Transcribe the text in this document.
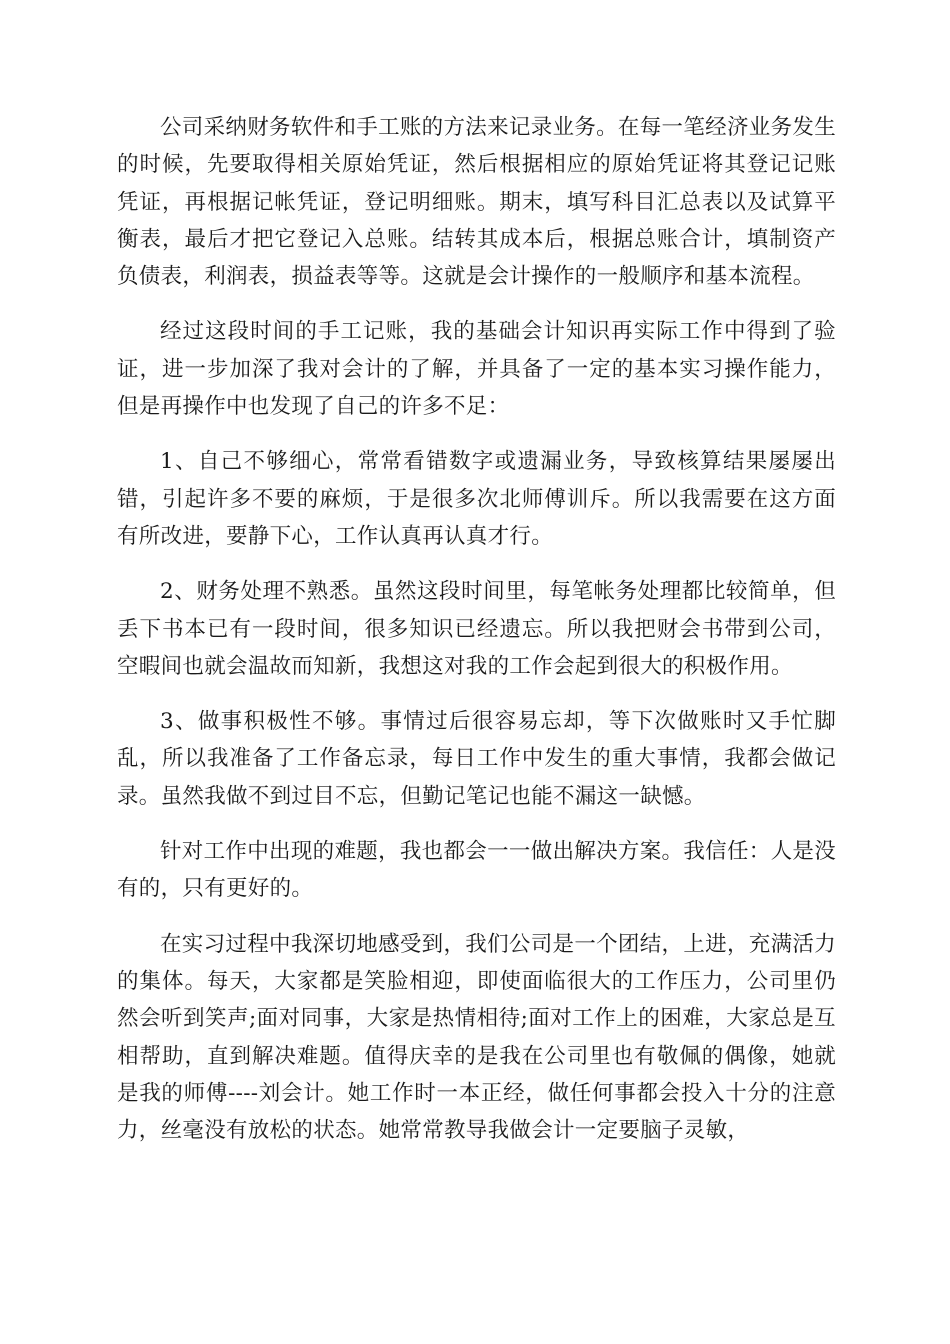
公司采纳财务软件和手工账的方法来记录业务。在每一笔经济业务发生的时候，先要取得相关原始凭证，然后根据相应的原始凭证将其登记记账凭证，再根据记帐凭证，登记明细账。期末，填写科目汇总表以及试算平衡表，最后才把它登记入总账。结转其成本后，根据总账合计，填制资产负债表，利润表，损益表等等。这就是会计操作的一般顺序和基本流程。

经过这段时间的手工记账，我的基础会计知识再实际工作中得到了验证，进一步加深了我对会计的了解，并具备了一定的基本实习操作能力，但是再操作中也发现了自己的许多不足：

1、自己不够细心，常常看错数字或遗漏业务，导致核算结果屡屡出错，引起许多不要的麻烦，于是很多次北师傅训斥。所以我需要在这方面有所改进，要静下心，工作认真再认真才行。

2、财务处理不熟悉。虽然这段时间里，每笔帐务处理都比较简单，但丢下书本已有一段时间，很多知识已经遗忘。所以我把财会书带到公司，空暇间也就会温故而知新，我想这对我的工作会起到很大的积极作用。

3、做事积极性不够。事情过后很容易忘却，等下次做账时又手忙脚乱，所以我准备了工作备忘录，每日工作中发生的重大事情，我都会做记录。虽然我做不到过目不忘，但勤记笔记也能不漏这一缺憾。

针对工作中出现的难题，我也都会一一做出解决方案。我信任：人是没有的，只有更好的。

在实习过程中我深切地感受到，我们公司是一个团结，上进，充满活力的集体。每天，大家都是笑脸相迎，即使面临很大的工作压力，公司里仍然会听到笑声;面对同事，大家是热情相待;面对工作上的困难，大家总是互相帮助，直到解决难题。值得庆幸的是我在公司里也有敬佩的偶像，她就是我的师傅----刘会计。她工作时一本正经，做任何事都会投入十分的注意力，丝毫没有放松的状态。她常常教导我做会计一定要脑子灵敏，
